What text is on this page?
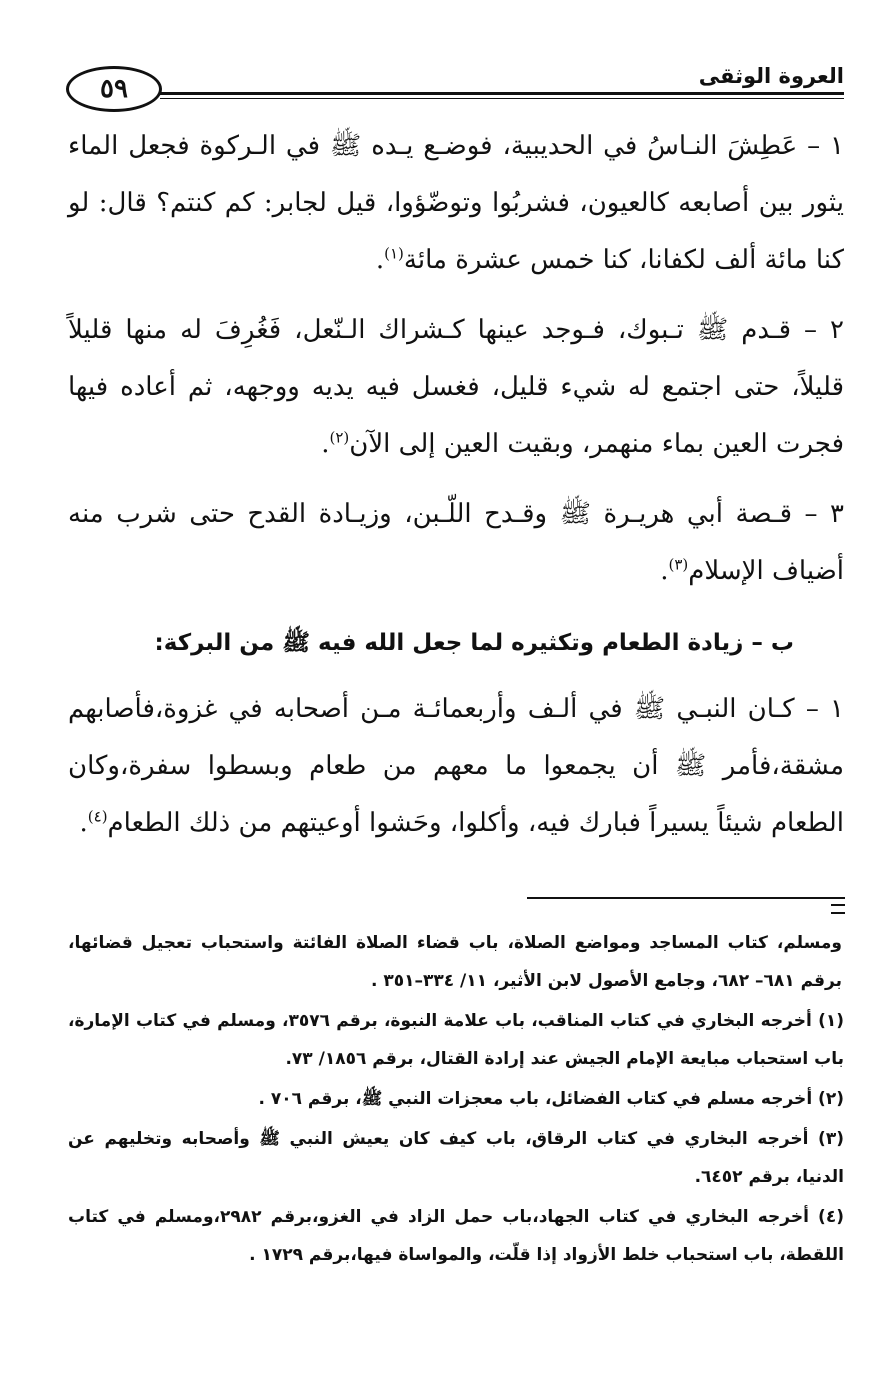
٥٩	العروة الوثقى

١ – عَطِشَ النـاسُ في الحديبية، فوضـع يـده ﷺ في الـركوة فجعل الماء يثور بين أصابعه كالعيون، فشربُوا وتوضّؤوا، قيل لجابر: كم كنتم؟ قال: لو كنا مائة ألف لكفانا، كنا خمس عشرة مائة$^{(١)}$.

٢ – قـدم ﷺ تـبوك، فـوجد عينها كـشراك الـنّعل، فَغُرِفَ له منها قليلاً قليلاً، حتى اجتمع له شيء قليل، فغسل فيه يديه ووجهه، ثم أعاده فيها فجرت العين بماء منهمر، وبقيت العين إلى الآن$^{(٢)}$.

٣ – قـصة أبي هريـرة ﷺ وقـدح اللّـبن، وزيـادة القدح حتى شرب منه أضياف الإسلام$^{(٣)}$.

ب – زيادة الطعام وتكثيره لما جعل الله فيه ﷺ من البركة:

١ – كـان النبـي ﷺ في ألـف وأربعمائـة مـن أصحابه في غزوة،فأصابهم مشقة،فأمر ﷺ أن يجمعوا ما معهم من طعام وبسطوا سفرة،وكان الطعام شيئاً يسيراً فبارك فيه، وأكلوا، وحَشوا أوعيتهم من ذلك الطعام$^{(٤)}$.

ومسلم، كتاب المساجد ومواضع الصلاة، باب قضاء الصلاة الفائتة واستحباب تعجيل قضائها، برقم ٦٨١– ٦٨٢، وجامع الأصول لابن الأثير، ١١/ ٣٣٤–٣٥١ .

(١) أخرجه البخاري في كتاب المناقب، باب علامة النبوة، برقم ٣٥٧٦، ومسلم في كتاب الإمارة، باب استحباب مبايعة الإمام الجيش عند إرادة القتال، برقم ١٨٥٦/ ٧٣.

(٢) أخرجه مسلم في كتاب الفضائل، باب معجزات النبي ﷺ، برقم ٧٠٦ .

(٣) أخرجه البخاري في كتاب الرقاق، باب كيف كان يعيش النبي ﷺ وأصحابه وتخليهم عن الدنيا، برقم ٦٤٥٢.

(٤) أخرجه البخاري في كتاب الجهاد،باب حمل الزاد في الغزو،برقم ٢٩٨٢،ومسلم في كتاب اللقطة، باب استحباب خلط الأزواد إذا قلّت، والمواساة فيها،برقم ١٧٢٩ .
